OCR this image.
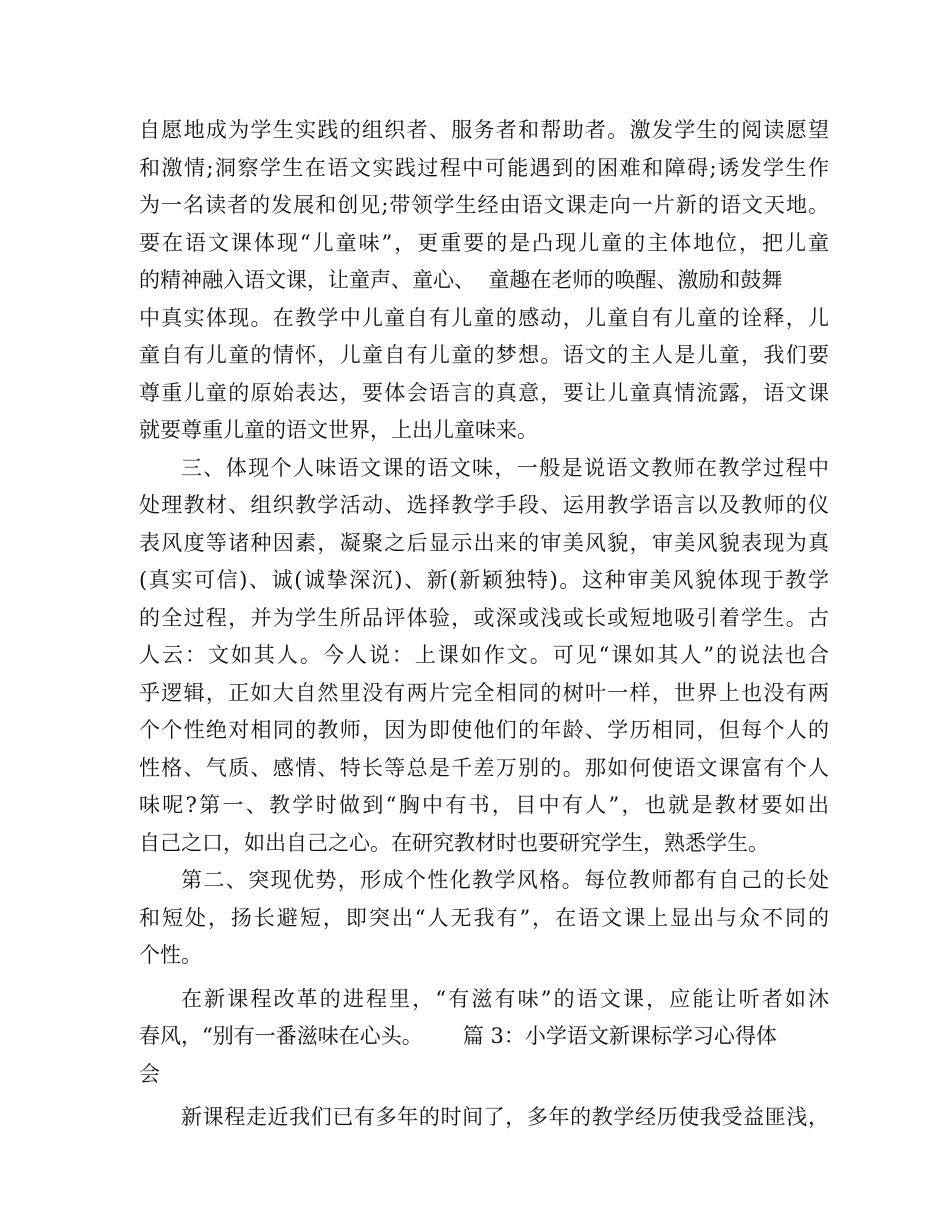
自愿地成为学生实践的组织者、服务者和帮助者。激发学生的阅读愿望
和激情;洞察学生在语文实践过程中可能遇到的困难和障碍;诱发学生作
为一名读者的发展和创见;带领学生经由语文课走向一片新的语文天地。
要在语文课体现“儿童味”，更重要的是凸现儿童的主体地位，把儿童
的精神融入语文课，让童声、童心、  童趣在老师的唤醒、激励和鼓舞
中真实体现。在教学中儿童自有儿童的感动，儿童自有儿童的诠释，儿
童自有儿童的情怀，儿童自有儿童的梦想。语文的主人是儿童，我们要
尊重儿童的原始表达，要体会语言的真意，要让儿童真情流露，语文课
就要尊重儿童的语文世界，上出儿童味来。
三、体现个人味语文课的语文味，一般是说语文教师在教学过程中
处理教材、组织教学活动、选择教学手段、运用教学语言以及教师的仪
表风度等诸种因素，凝聚之后显示出来的审美风貌，审美风貌表现为真
(真实可信)、诚(诚挚深沉)、新(新颖独特)。这种审美风貌体现于教学
的全过程，并为学生所品评体验，或深或浅或长或短地吸引着学生。古
人云：文如其人。今人说：上课如作文。可见“课如其人”的说法也合
乎逻辑，正如大自然里没有两片完全相同的树叶一样，世界上也没有两
个个性绝对相同的教师，因为即使他们的年龄、学历相同，但每个人的
性格、气质、感情、特长等总是千差万别的。那如何使语文课富有个人
味呢?第一、教学时做到“胸中有书，目中有人”，也就是教材要如出
自己之口，如出自己之心。在研究教材时也要研究学生，熟悉学生。
第二、突现优势，形成个性化教学风格。每位教师都有自己的长处
和短处，扬长避短，即突出“人无我有”，在语文课上显出与众不同的
个性。
在新课程改革的进程里，“有滋有味”的语文课，应能让听者如沐
春风，“别有一番滋味在心头。      篇 3：小学语文新课标学习心得体
会
新课程走近我们已有多年的时间了，多年的教学经历使我受益匪浅，
